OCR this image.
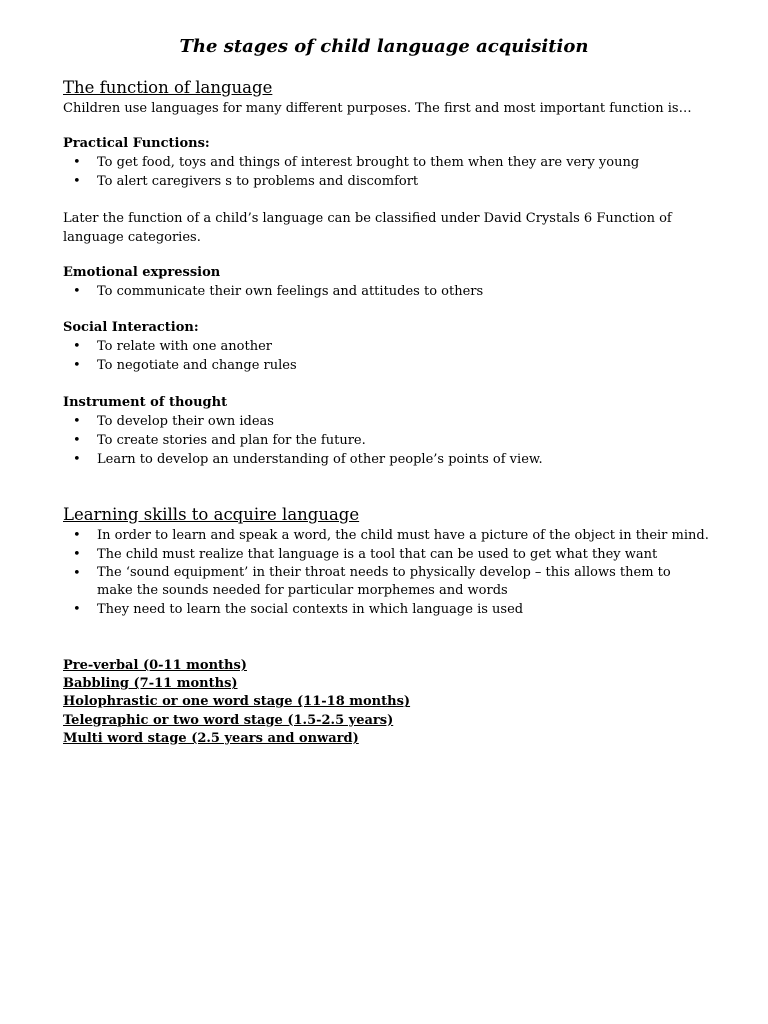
The stages of child language acquisition
The function of language

Children use languages for many different purposes. The first and most important function is…

Practical Functions:
• To get food, toys and things of interest brought to them when they are very young
• To alert caregivers s to problems and discomfort

Later the function of a child’s language can be classified under David Crystals 6 Function of language categories.

Emotional expression
• To communicate their own feelings and attitudes to others
Social Interaction:
• To relate with one another
• To negotiate and change rules
Instrument of thought
• To develop their own ideas
• To create stories and plan for the future.
• Learn to develop an understanding of other people’s points of view.
Learning skills to acquire language
• In order to learn and speak a word, the child must have a picture of the object in their mind.
• The child must realize that language is a tool that can be used to get what they want
• The ‘sound equipment’ in their throat needs to physically develop – this allows them to make the sounds needed for particular morphemes and words
• They need to learn the social contexts in which language is used

Pre-verbal (0-11 months)

Babbling (7-11 months)

Holophrastic or one word stage (11-18 months)

Telegraphic or two word stage (1.5-2.5 years)

Multi word stage (2.5 years and onward)
